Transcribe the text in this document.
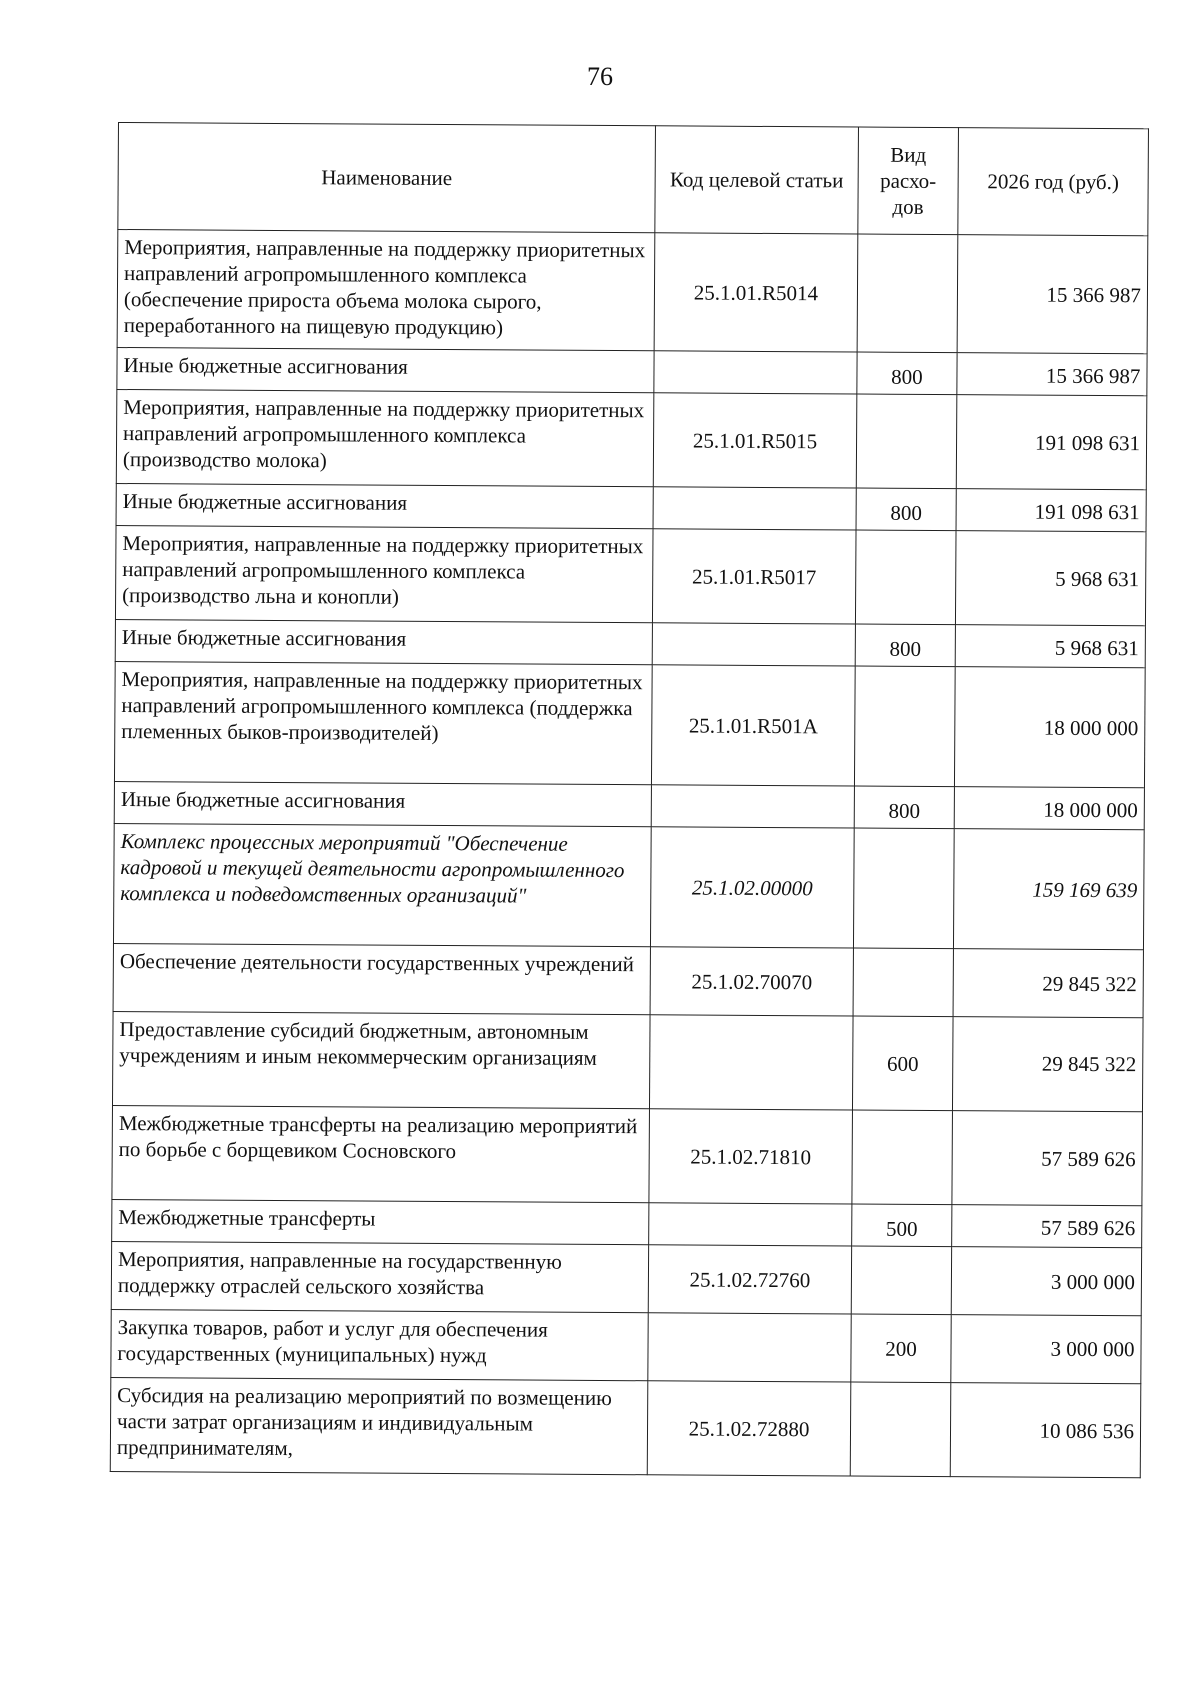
76
Наименование	Код целевой статьи	Вид расхо-дов	2026 год (руб.)
Мероприятия, направленные на поддержку приоритетных направлений агропромышленного комплекса (обеспечение прироста объема молока сырого, переработанного на пищевую продукцию)	25.1.01.R5014		15 366 987
Иные бюджетные ассигнования		800	15 366 987
Мероприятия, направленные на поддержку приоритетных направлений агропромышленного комплекса (производство молока)	25.1.01.R5015		191 098 631
Иные бюджетные ассигнования		800	191 098 631
Мероприятия, направленные на поддержку приоритетных направлений агропромышленного комплекса (производство льна и конопли)	25.1.01.R5017		5 968 631
Иные бюджетные ассигнования		800	5 968 631
Мероприятия, направленные на поддержку приоритетных направлений агропромышленного комплекса (поддержка племенных быков-производителей)	25.1.01.R501A		18 000 000
Иные бюджетные ассигнования		800	18 000 000
Комплекс процессных мероприятий "Обеспечение кадровой и текущей деятельности агропромышленного комплекса и подведомственных организаций"	25.1.02.00000		159 169 639
Обеспечение деятельности государственных учреждений	25.1.02.70070		29 845 322
Предоставление субсидий бюджетным, автономным учреждениям и иным некоммерческим организациям		600	29 845 322
Межбюджетные трансферты на реализацию мероприятий по борьбе с борщевиком Сосновского	25.1.02.71810		57 589 626
Межбюджетные трансферты		500	57 589 626
Мероприятия, направленные на государственную поддержку отраслей сельского хозяйства	25.1.02.72760		3 000 000
Закупка товаров, работ и услуг для обеспечения государственных (муниципальных) нужд		200	3 000 000
Субсидия на реализацию мероприятий по возмещению части затрат организациям и индивидуальным предпринимателям,	25.1.02.72880		10 086 536
